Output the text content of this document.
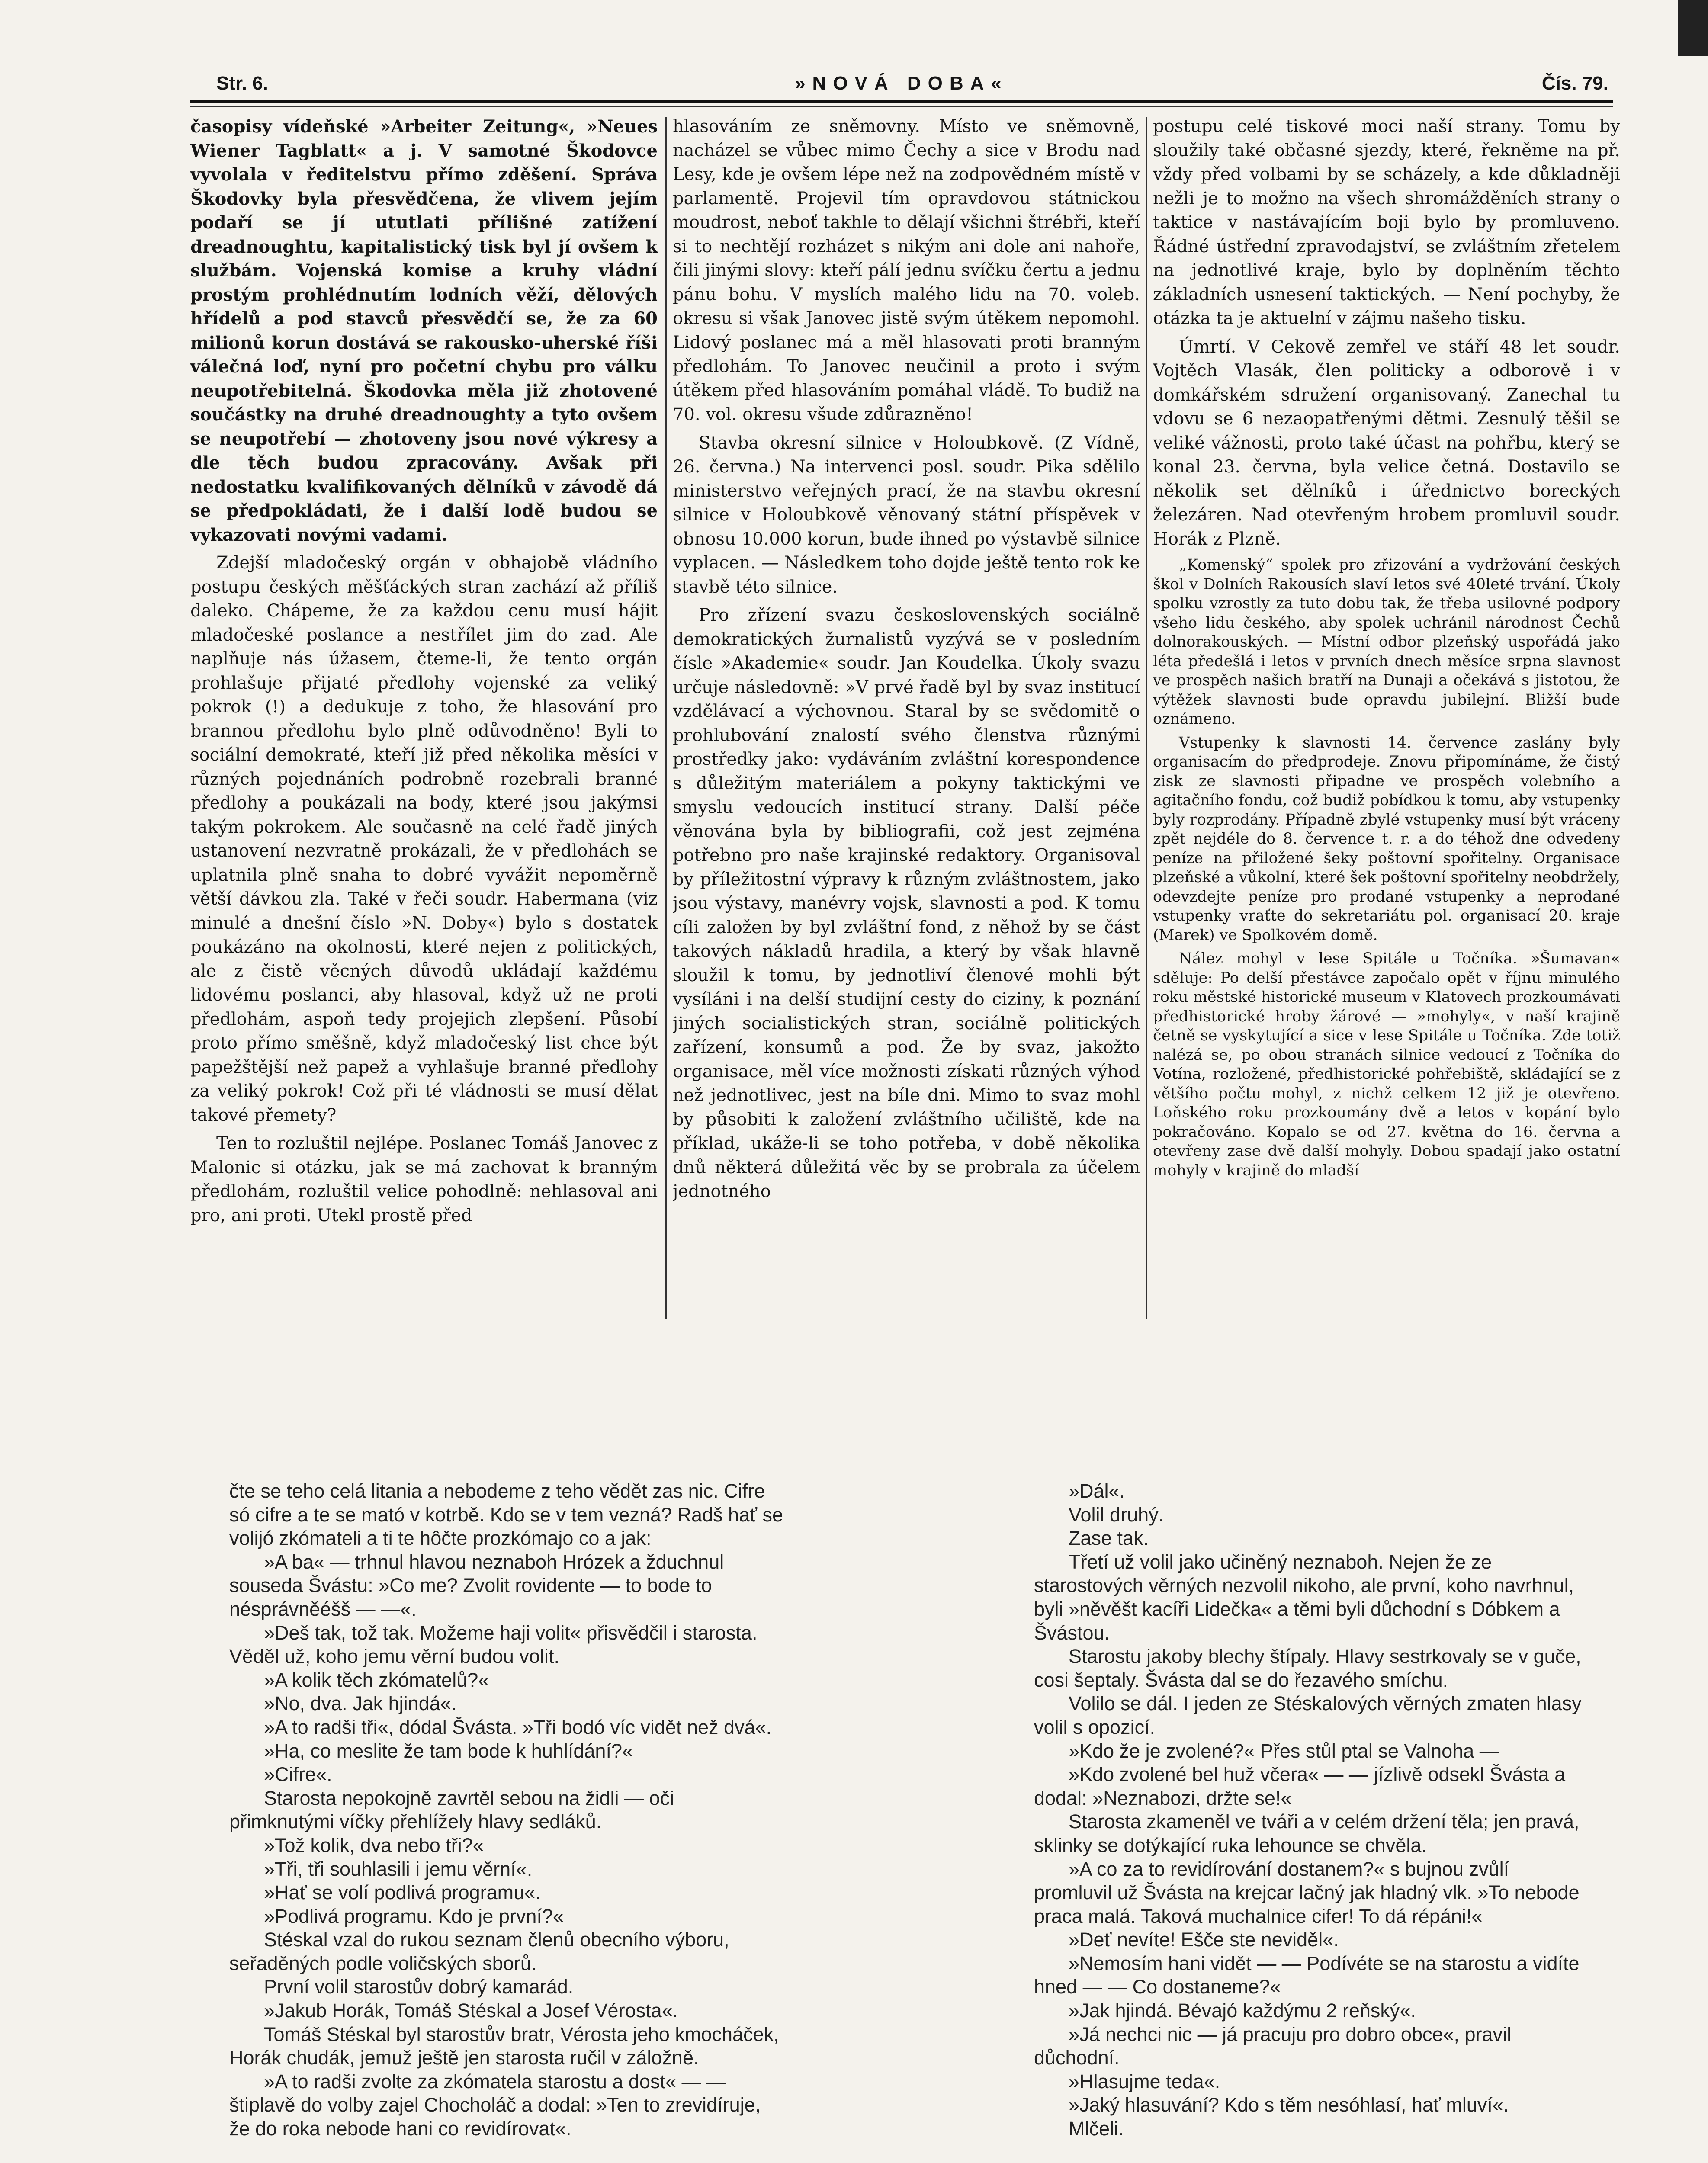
Str. 6.	»NOVÁ DOBA«	Čís. 79.

časopisy vídeňské »Arbeiter Zeitung«, »Neues Wiener Tagblatt« a j. V samotné Škodovce vyvolala v ředitelstvu přímo zděšení. Správa Škodovky byla přesvědčena, že vlivem jejím podaří se jí ututlati přílišné zatížení dreadnoughtu, kapitalistický tisk byl jí ovšem k službám. Vojenská komise a kruhy vládní prostým prohlédnutím lodních věží, dělových hřídelů a pod stavců přesvědčí se, že za 60 milionů korun dostává se rakousko-uherské říši válečná loď, nyní pro početní chybu pro válku neupotřebitelná. Škodovka měla již zhotovené součástky na druhé dreadnoughty a tyto ovšem se neupotřebí — zhotoveny jsou nové výkresy a dle těch budou zpracovány. Avšak při nedostatku kvalifikovaných dělníků v závodě dá se předpokládati, že i další lodě budou se vykazovati novými vadami.

Zdejší mladočeský orgán v obhajobě vládního postupu českých měšťáckých stran zachází až příliš daleko. Chápeme, že za každou cenu musí hájit mladočeské poslance a nestřílet jim do zad. Ale naplňuje nás úžasem, čteme-li, že tento orgán prohlašuje přijaté předlohy vojenské za veliký pokrok (!) a dedukuje z toho, že hlasování pro brannou předlohu bylo plně odůvodněno! Byli to sociální demokraté, kteří již před několika měsíci v různých pojednáních podrobně rozebrali branné předlohy a poukázali na body, které jsou jakýmsi takým pokrokem. Ale současně na celé řadě jiných ustanovení nezvratně prokázali, že v předlohách se uplatnila plně snaha to dobré vyvážit nepoměrně větší dávkou zla. Také v řeči soudr. Habermana (viz minulé a dnešní číslo »N. Doby«) bylo s dostatek poukázáno na okolnosti, které nejen z politických, ale z čistě věcných důvodů ukládají každému lidovému poslanci, aby hlasoval, když už ne proti předlohám, aspoň tedy projejich zlepšení. Působí proto přímo směšně, když mladočeský list chce být papežštější než papež a vyhlašuje branné předlohy za veliký pokrok! Což při té vládnosti se musí dělat takové přemety?

Ten to rozluštil nejlépe. Poslanec Tomáš Janovec z Malonic si otázku, jak se má zachovat k branným předlohám, rozluštil velice pohodlně: nehlasoval ani pro, ani proti. Utekl prostě před

hlasováním ze sněmovny. Místo ve sněmovně, nacházel se vůbec mimo Čechy a sice v Brodu nad Lesy, kde je ovšem lépe než na zodpovědném místě v parlamentě. Projevil tím opravdovou státnickou moudrost, neboť takhle to dělají všichni štrébři, kteří si to nechtějí rozházet s nikým ani dole ani nahoře, čili jinými slovy: kteří pálí jednu svíčku čertu a jednu pánu bohu. V myslích malého lidu na 70. voleb. okresu si však Janovec jistě svým útěkem nepomohl. Lidový poslanec má a měl hlasovati proti branným předlohám. To Janovec neučinil a proto i svým útěkem před hlasováním pomáhal vládě. To budiž na 70. vol. okresu všude zdůrazněno!

Stavba okresní silnice v Holoubkově. (Z Vídně, 26. června.) Na intervenci posl. soudr. Pika sdělilo ministerstvo veřejných prací, že na stavbu okresní silnice v Holoubkově věnovaný státní příspěvek v obnosu 10.000 korun, bude ihned po výstavbě silnice vyplacen. — Následkem toho dojde ještě tento rok ke stavbě této silnice.

Pro zřízení svazu československých sociálně demokratických žurnalistů vyzývá se v posledním čísle »Akademie« soudr. Jan Koudelka. Úkoly svazu určuje následovně: »V prvé řadě byl by svaz institucí vzdělávací a výchovnou. Staral by se svědomitě o prohlubování znalostí svého členstva různými prostředky jako: vydáváním zvláštní korespondence s důležitým materiálem a pokyny taktickými ve smyslu vedoucích institucí strany. Další péče věnována byla by bibliografii, což jest zejména potřebno pro naše krajinské redaktory. Organisoval by příležitostní výpravy k různým zvláštnostem, jako jsou výstavy, manévry vojsk, slavnosti a pod. K tomu cíli založen by byl zvláštní fond, z něhož by se část takových nákladů hradila, a který by však hlavně sloužil k tomu, by jednotliví členové mohli být vysíláni i na delší studijní cesty do ciziny, k poznání jiných socialistických stran, sociálně politických zařízení, konsumů a pod. Že by svaz, jakožto organisace, měl více možnosti získati různých výhod než jednotlivec, jest na bíle dni. Mimo to svaz mohl by působiti k založení zvláštního učiliště, kde na příklad, ukáže-li se toho potřeba, v době několika dnů některá důležitá věc by se probrala za účelem jednotného

postupu celé tiskové moci naší strany. Tomu by sloužily také občasné sjezdy, které, řekněme na př. vždy před volbami by se scházely, a kde důkladněji nežli je to možno na všech shromážděních strany o taktice v nastávajícím boji bylo by promluveno. Řádné ústřední zpravodajství, se zvláštním zřetelem na jednotlivé kraje, bylo by doplněním těchto základních usnesení taktických. — Není pochyby, že otázka ta je aktuelní v zájmu našeho tisku.

Úmrtí. V Cekově zemřel ve stáří 48 let soudr. Vojtěch Vlasák, člen politicky a odborově i v domkářském sdružení organisovaný. Zanechal tu vdovu se 6 nezaopatřenými dětmi. Zesnulý těšil se veliké vážnosti, proto také účast na pohřbu, který se konal 23. června, byla velice četná. Dostavilo se několik set dělníků i úřednictvo boreckých železáren. Nad otevřeným hrobem promluvil soudr. Horák z Plzně.

„Komenský“ spolek pro zřizování a vydržování českých škol v Dolních Rakousích slaví letos své 40leté trvání. Úkoly spolku vzrostly za tuto dobu tak, že třeba usilovné podpory všeho lidu českého, aby spolek uchránil národnost Čechů dolnorakouských. — Místní odbor plzeňský uspořádá jako léta předešlá i letos v prvních dnech měsíce srpna slavnost ve prospěch našich bratří na Dunaji a očekává s jistotou, že výtěžek slavnosti bude opravdu jubilejní. Bližší bude oznámeno.

Vstupenky k slavnosti 14. července zaslány byly organisacím do předprodeje. Znovu připomínáme, že čistý zisk ze slavnosti připadne ve prospěch volebního a agitačního fondu, což budiž pobídkou k tomu, aby vstupenky byly rozprodány. Případně zbylé vstupenky musí být vráceny zpět nejdéle do 8. července t. r. a do téhož dne odvedeny peníze na přiložené šeky poštovní spořitelny. Organisace plzeňské a vůkolní, které šek poštovní spořitelny neobdržely, odevzdejte peníze pro prodané vstupenky a neprodané vstupenky vraťte do sekretariátu pol. organisací 20. kraje (Marek) ve Spolkovém domě.

Nález mohyl v lese Spitále u Točníka. »Šumavan« sděluje: Po delší přestávce započalo opět v říjnu minulého roku městské historické museum v Klatovech prozkoumávati předhistorické hroby žárové — »mohyly«, v naší krajině četně se vyskytující a sice v lese Spitále u Točníka. Zde totiž nalézá se, po obou stranách silnice vedoucí z Točníka do Votína, rozložené, předhistorické pohřebiště, skládající se z většího počtu mohyl, z nichž celkem 12 již je otevřeno. Loňského roku prozkoumány dvě a letos v kopání bylo pokračováno. Kopalo se od 27. května do 16. června a otevřeny zase dvě další mohyly. Dobou spadají jako ostatní mohyly v krajině do mladší

čte se teho celá litania a nebodeme z teho vědět zas nic. Cifre só cifre a te se mató v kotrbě. Kdo se v tem vezná? Radš hať se volijó zkómateli a ti te hôčte prozkómajo co a jak:

»A ba« — trhnul hlavou neznaboh Hrózek a žduchnul souseda Švástu: »Co me? Zvolit rovidente — to bode to nésprávněéšš — —«.

»Deš tak, tož tak. Možeme haji volit« přisvědčil i starosta. Věděl už, koho jemu věrní budou volit.

»A kolik těch zkómatelů?«

»No, dva. Jak hjindá«.

»A to radši tři«, dódal Švásta. »Tři bodó víc vidět než dvá«.

»Ha, co meslite že tam bode k huhlídání?«

»Cifre«.

Starosta nepokojně zavrtěl sebou na židli — oči přimknutými víčky přehlížely hlavy sedláků.

»Tož kolik, dva nebo tři?«

»Tři, tři souhlasili i jemu věrní«.

»Hať se volí podlivá programu«.

»Podlivá programu. Kdo je první?«

Stéskal vzal do rukou seznam členů obecního výboru, seřaděných podle voličských sborů.

První volil starostův dobrý kamarád.

»Jakub Horák, Tomáš Stéskal a Josef Vérosta«.

Tomáš Stéskal byl starostův bratr, Vérosta jeho kmocháček, Horák chudák, jemuž ještě jen starosta ručil v záložně.

»A to radši zvolte za zkómatela starostu a dost« — — štiplavě do volby zajel Chocholáč a dodal: »Ten to zrevidíruje, že do roka nebode hani co revidírovat«.

»Dál«.

Volil druhý.

Zase tak.

Třetí už volil jako učiněný neznaboh. Nejen že ze starostových věrných nezvolil nikoho, ale první, koho navrhnul, byli »něvěšt kacíři Lidečka« a těmi byli důchodní s Dóbkem a Švástou.

Starostu jakoby blechy štípaly. Hlavy sestrkovaly se v guče, cosi šeptaly. Švásta dal se do řezavého smíchu.

Volilo se dál. I jeden ze Stéskalových věrných zmaten hlasy volil s opozicí.

»Kdo že je zvolené?« Přes stůl ptal se Valnoha —

»Kdo zvolené bel huž včera« — — jízlivě odsekl Švásta a dodal: »Neznabozi, držte se!«

Starosta zkameněl ve tváři a v celém držení těla; jen pravá, sklinky se dotýkající ruka lehounce se chvěla.

»A co za to revidírování dostanem?« s bujnou zvůlí promluvil už Švásta na krejcar lačný jak hladný vlk. »To nebode praca malá. Taková muchalnice cifer! To dá répáni!«

»Deť nevíte! Ešče ste neviděl«.

»Nemosím hani vidět — — Podívéte se na starostu a vidíte hned — — Co dostaneme?«

»Jak hjindá. Bévajó každýmu 2 reňský«.

»Já nechci nic — já pracuju pro dobro obce«, pravil důchodní.

»Hlasujme teda«.

»Jaký hlasuvání? Kdo s těm nesóhlasí, hať mluví«.

Mlčeli.
